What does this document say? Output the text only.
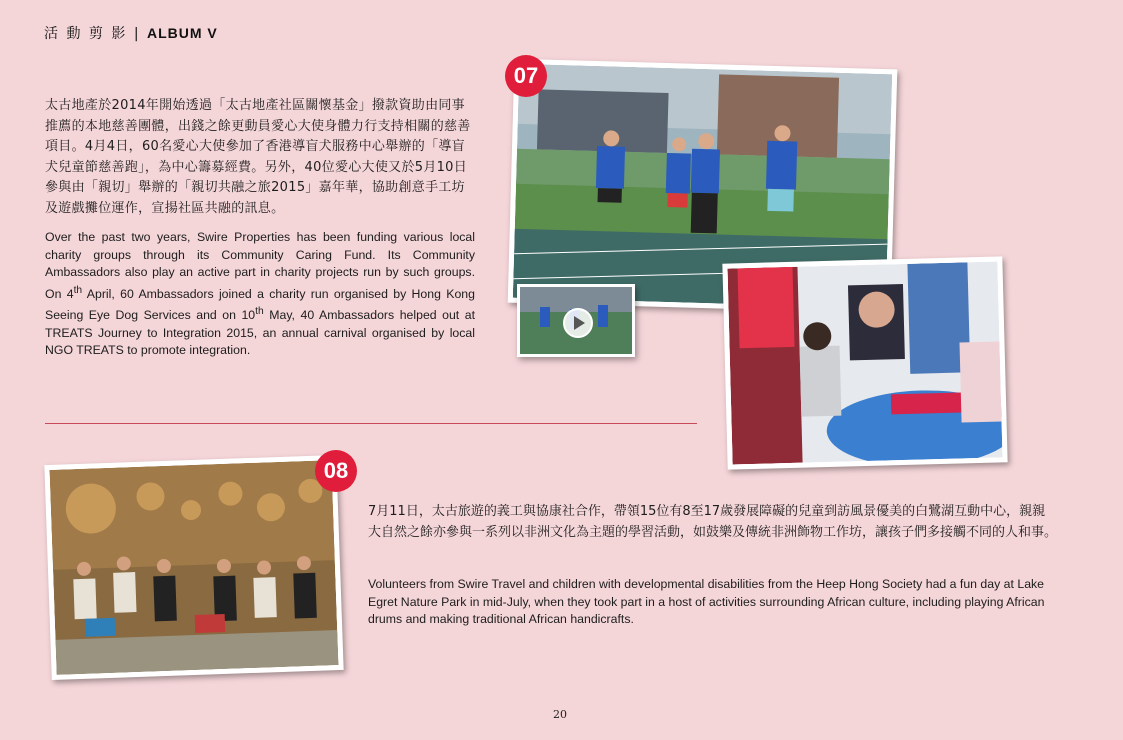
活 動 剪 影 | ALBUM V

太古地產於2014年開始透過「太古地產社區關懷基金」撥款資助由同事推薦的本地慈善團體，出錢之餘更動員愛心大使身體力行支持相關的慈善項目。4月4日，60名愛心大使參加了香港導盲犬服務中心舉辦的「導盲犬兒童節慈善跑」，為中心籌募經費。另外，40位愛心大使又於5月10日參與由「親切」舉辦的「親切共融之旅2015」嘉年華，協助創意手工坊及遊戲攤位運作，宣揚社區共融的訊息。

Over the past two years, Swire Properties has been funding various local charity groups through its Community Caring Fund. Its Community Ambassadors also play an active part in charity projects run by such groups. On 4th April, 60 Ambassadors joined a charity run organised by Hong Kong Seeing Eye Dog Services and on 10th May, 40 Ambassadors helped out at TREATS Journey to Integration 2015, an annual carnival organised by local NGO TREATS to promote integration.

07
08

7月11日，太古旅遊的義工與協康社合作，帶領15位有8至17歲發展障礙的兒童到訪風景優美的白鷺湖互動中心，親親大自然之餘亦參與一系列以非洲文化為主題的學習活動，如鼓樂及傳統非洲飾物工作坊，讓孩子們多接觸不同的人和事。

Volunteers from Swire Travel and children with developmental disabilities from the Heep Hong Society had a fun day at Lake Egret Nature Park in mid-July, when they took part in a host of activities surrounding African culture, including playing African drums and making traditional African handicrafts.

20
